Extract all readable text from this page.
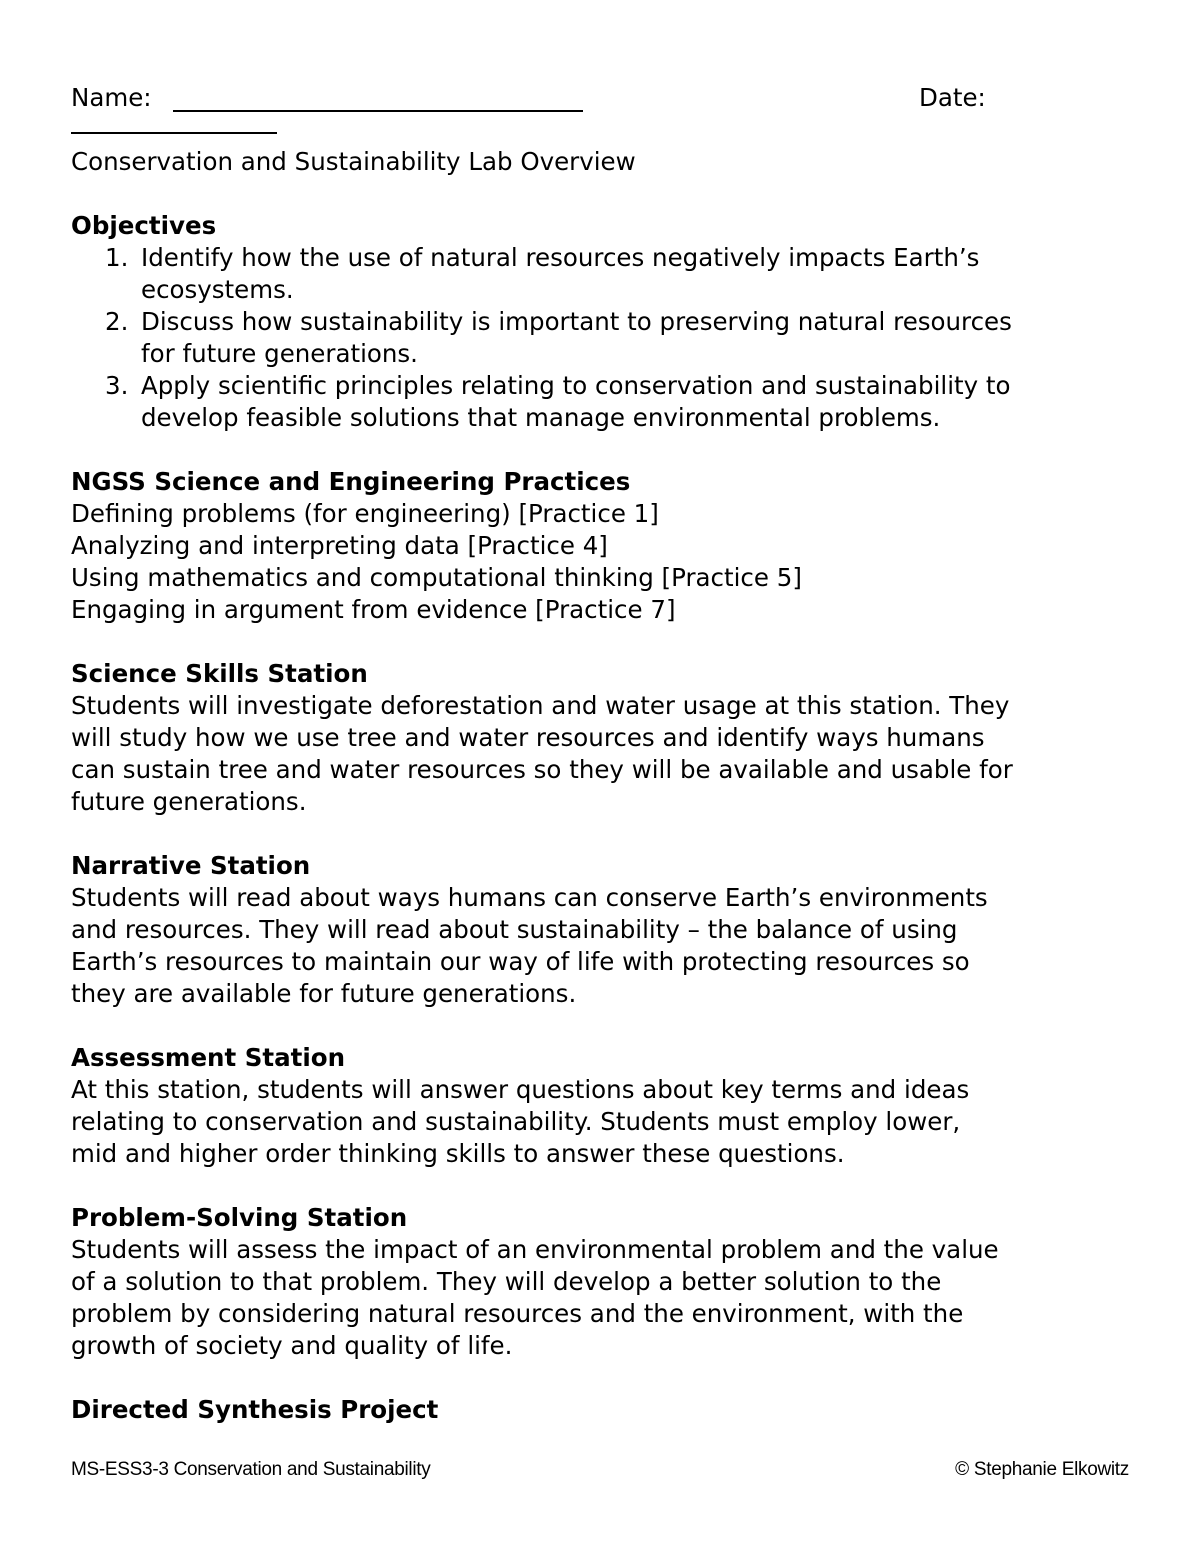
Name:	Date:
Conservation and Sustainability Lab Overview
Objectives
1. Identify how the use of natural resources negatively impacts Earth’s
ecosystems.
2. Discuss how sustainability is important to preserving natural resources
for future generations.
3. Apply scientific principles relating to conservation and sustainability to
develop feasible solutions that manage environmental problems.
NGSS Science and Engineering Practices
Defining problems (for engineering) [Practice 1]
Analyzing and interpreting data [Practice 4]
Using mathematics and computational thinking [Practice 5]
Engaging in argument from evidence [Practice 7]
Science Skills Station
Students will investigate deforestation and water usage at this station. They
will study how we use tree and water resources and identify ways humans
can sustain tree and water resources so they will be available and usable for
future generations.
Narrative Station
Students will read about ways humans can conserve Earth’s environments
and resources. They will read about sustainability – the balance of using
Earth’s resources to maintain our way of life with protecting resources so
they are available for future generations.
Assessment Station
At this station, students will answer questions about key terms and ideas
relating to conservation and sustainability. Students must employ lower,
mid and higher order thinking skills to answer these questions.
Problem-Solving Station
Students will assess the impact of an environmental problem and the value
of a solution to that problem. They will develop a better solution to the
problem by considering natural resources and the environment, with the
growth of society and quality of life.
Directed Synthesis Project
MS-ESS3-3 Conservation and Sustainability	© Stephanie Elkowitz
